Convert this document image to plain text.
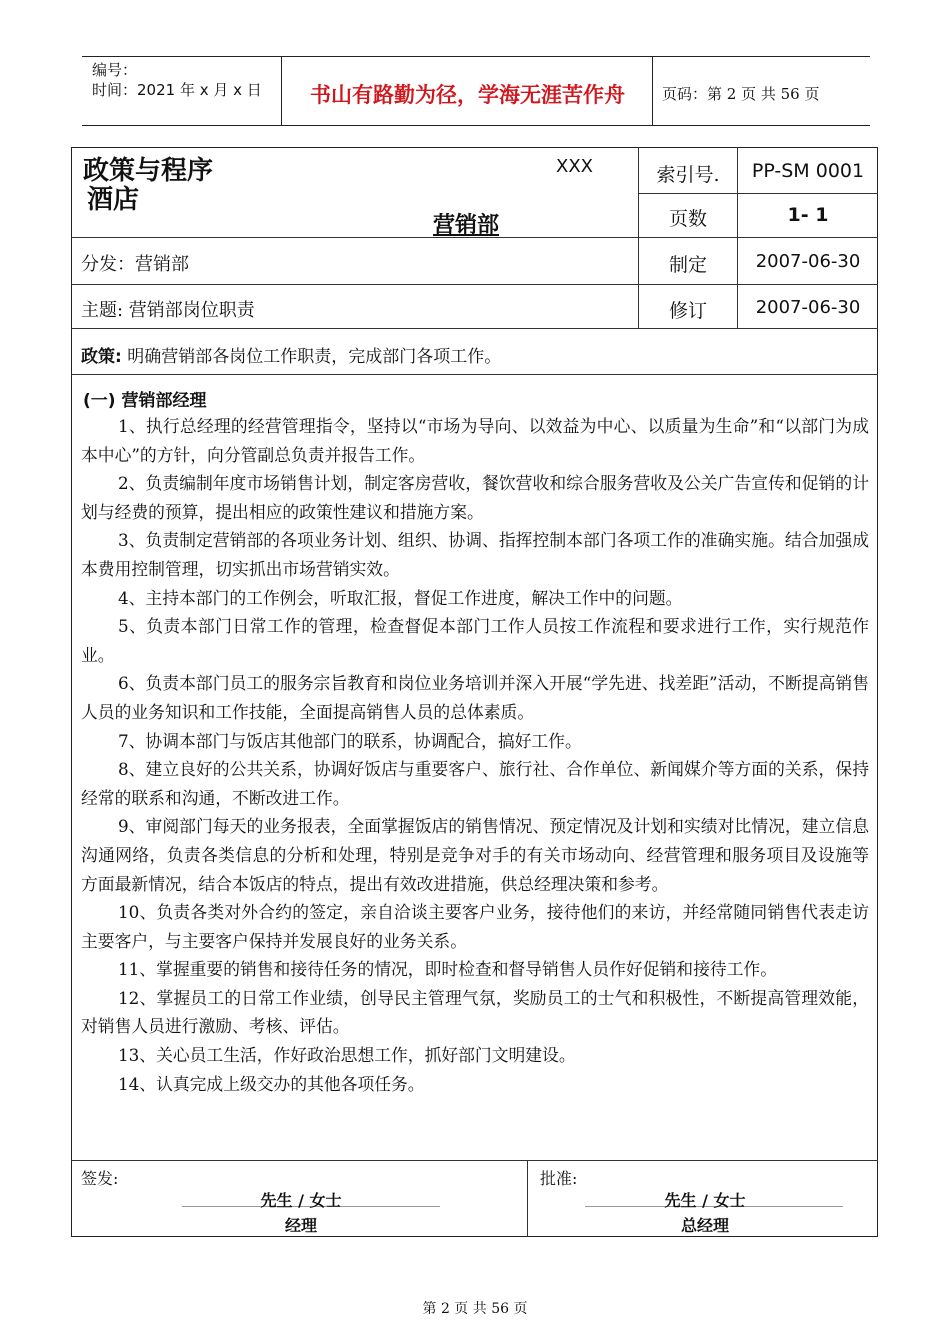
编号：
时间：2021 年 x 月 x 日	书山有路勤为径，学海无涯苦作舟	页码：第 2 页 共 56 页
政策与程序
酒店
XXX
营销部
索引号.	PP-SM 0001
页数	1- 1
分发：营销部	制定	2007-06-30
主题: 营销部岗位职责	修订	2007-06-30
政策: 明确营销部各岗位工作职责，完成部门各项工作。
(一) 营销部经理

1、执行总经理的经营管理指令，坚持以“市场为导向、以效益为中心、以质量为生命”和“以部门为成本中心”的方针，向分管副总负责并报告工作。

2、负责编制年度市场销售计划，制定客房营收，餐饮营收和综合服务营收及公关广告宣传和促销的计划与经费的预算，提出相应的政策性建议和措施方案。

3、负责制定营销部的各项业务计划、组织、协调、指挥控制本部门各项工作的准确实施。结合加强成本费用控制管理，切实抓出市场营销实效。

4、主持本部门的工作例会，听取汇报，督促工作进度，解决工作中的问题。

5、负责本部门日常工作的管理，检查督促本部门工作人员按工作流程和要求进行工作，实行规范作业。

6、负责本部门员工的服务宗旨教育和岗位业务培训并深入开展“学先进、找差距”活动，不断提高销售人员的业务知识和工作技能，全面提高销售人员的总体素质。

7、协调本部门与饭店其他部门的联系，协调配合，搞好工作。

8、建立良好的公共关系，协调好饭店与重要客户、旅行社、合作单位、新闻媒介等方面的关系，保持经常的联系和沟通，不断改进工作。

9、审阅部门每天的业务报表，全面掌握饭店的销售情况、预定情况及计划和实绩对比情况，建立信息沟通网络，负责各类信息的分析和处理，特别是竞争对手的有关市场动向、经营管理和服务项目及设施等方面最新情况，结合本饭店的特点，提出有效改进措施，供总经理决策和参考。

10、负责各类对外合约的签定，亲自洽谈主要客户业务，接待他们的来访，并经常随同销售代表走访主要客户，与主要客户保持并发展良好的业务关系。

11、掌握重要的销售和接待任务的情况，即时检查和督导销售人员作好促销和接待工作。

12、掌握员工的日常工作业绩，创导民主管理气氛，奖励员工的士气和积极性，不断提高管理效能，对销售人员进行激励、考核、评估。

13、关心员工生活，作好政治思想工作，抓好部门文明建设。

14、认真完成上级交办的其他各项任务。

签发:
先生 / 女士
经理
批准:
先生 / 女士
总经理
第 2 页 共 56 页
